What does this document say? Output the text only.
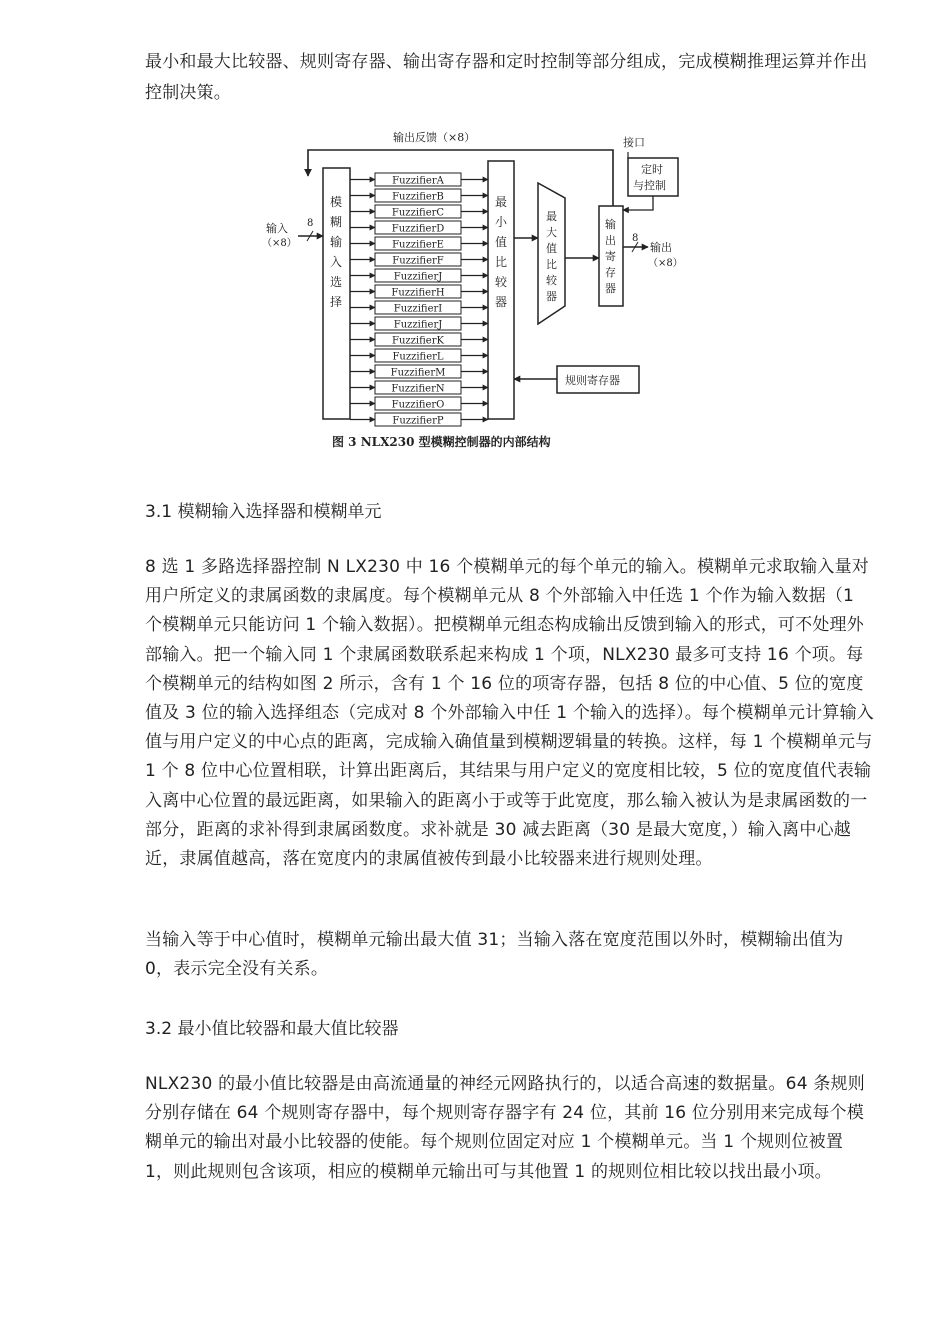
最小和最大比较器、规则寄存器、输出寄存器和定时控制等部分组成，完成模糊推理运算并作出控制决策。

输出反馈（×8）
输入
（×8）
8
模
糊
输
入
选
择
FuzzifierA
FuzzifierB
FuzzifierC
FuzzifierD
FuzzifierE
FuzzifierF
FuzzifierJ
FuzzifierH
FuzzifierI
FuzzifierJ
FuzzifierK
FuzzifierL
FuzzifierM
FuzzifierN
FuzzifierO
FuzzifierP
最
小
值
比
较
器
最
大
值
比
较
器
接口
定时
与控制
输
出
寄
存
器
8
输出
（×8）
规则寄存器
图 3 NLX230 型模糊控制器的内部结构

3.1 模糊输入选择器和模糊单元

8 选 1 多路选择器控制 N LX230 中 16 个模糊单元的每个单元的输入。模糊单元求取输入量对用户所定义的隶属函数的隶属度。每个模糊单元从 8 个外部输入中任选 1 个作为输入数据（1 个模糊单元只能访问 1 个输入数据）。把模糊单元组态构成输出反馈到输入的形式，可不处理外部输入。把一个输入同 1 个隶属函数联系起来构成 1 个项，NLX230 最多可支持 16 个项。每个模糊单元的结构如图 2 所示，含有 1 个 16 位的项寄存器，包括 8 位的中心值、5 位的宽度值及 3 位的输入选择组态（完成对 8 个外部输入中任 1 个输入的选择）。每个模糊单元计算输入值与用户定义的中心点的距离，完成输入确值量到模糊逻辑量的转换。这样，每 1 个模糊单元与 1 个 8 位中心位置相联，计算出距离后，其结果与用户定义的宽度相比较，5 位的宽度值代表输入离中心位置的最远距离，如果输入的距离小于或等于此宽度，那么输入被认为是隶属函数的一部分，距离的求补得到隶属函数度。求补就是 30 减去距离（30 是最大宽度，）输入离中心越近，隶属值越高，落在宽度内的隶属值被传到最小比较器来进行规则处理。

当输入等于中心值时，模糊单元输出最大值 31；当输入落在宽度范围以外时，模糊输出值为 0，表示完全没有关系。

3.2 最小值比较器和最大值比较器

NLX230 的最小值比较器是由高流通量的神经元网路执行的，以适合高速的数据量。64 条规则分别存储在 64 个规则寄存器中，每个规则寄存器字有 24 位，其前 16 位分别用来完成每个模糊单元的输出对最小比较器的使能。每个规则位固定对应 1 个模糊单元。当 1 个规则位被置 1，则此规则包含该项，相应的模糊单元输出可与其他置 1 的规则位相比较以找出最小项。
